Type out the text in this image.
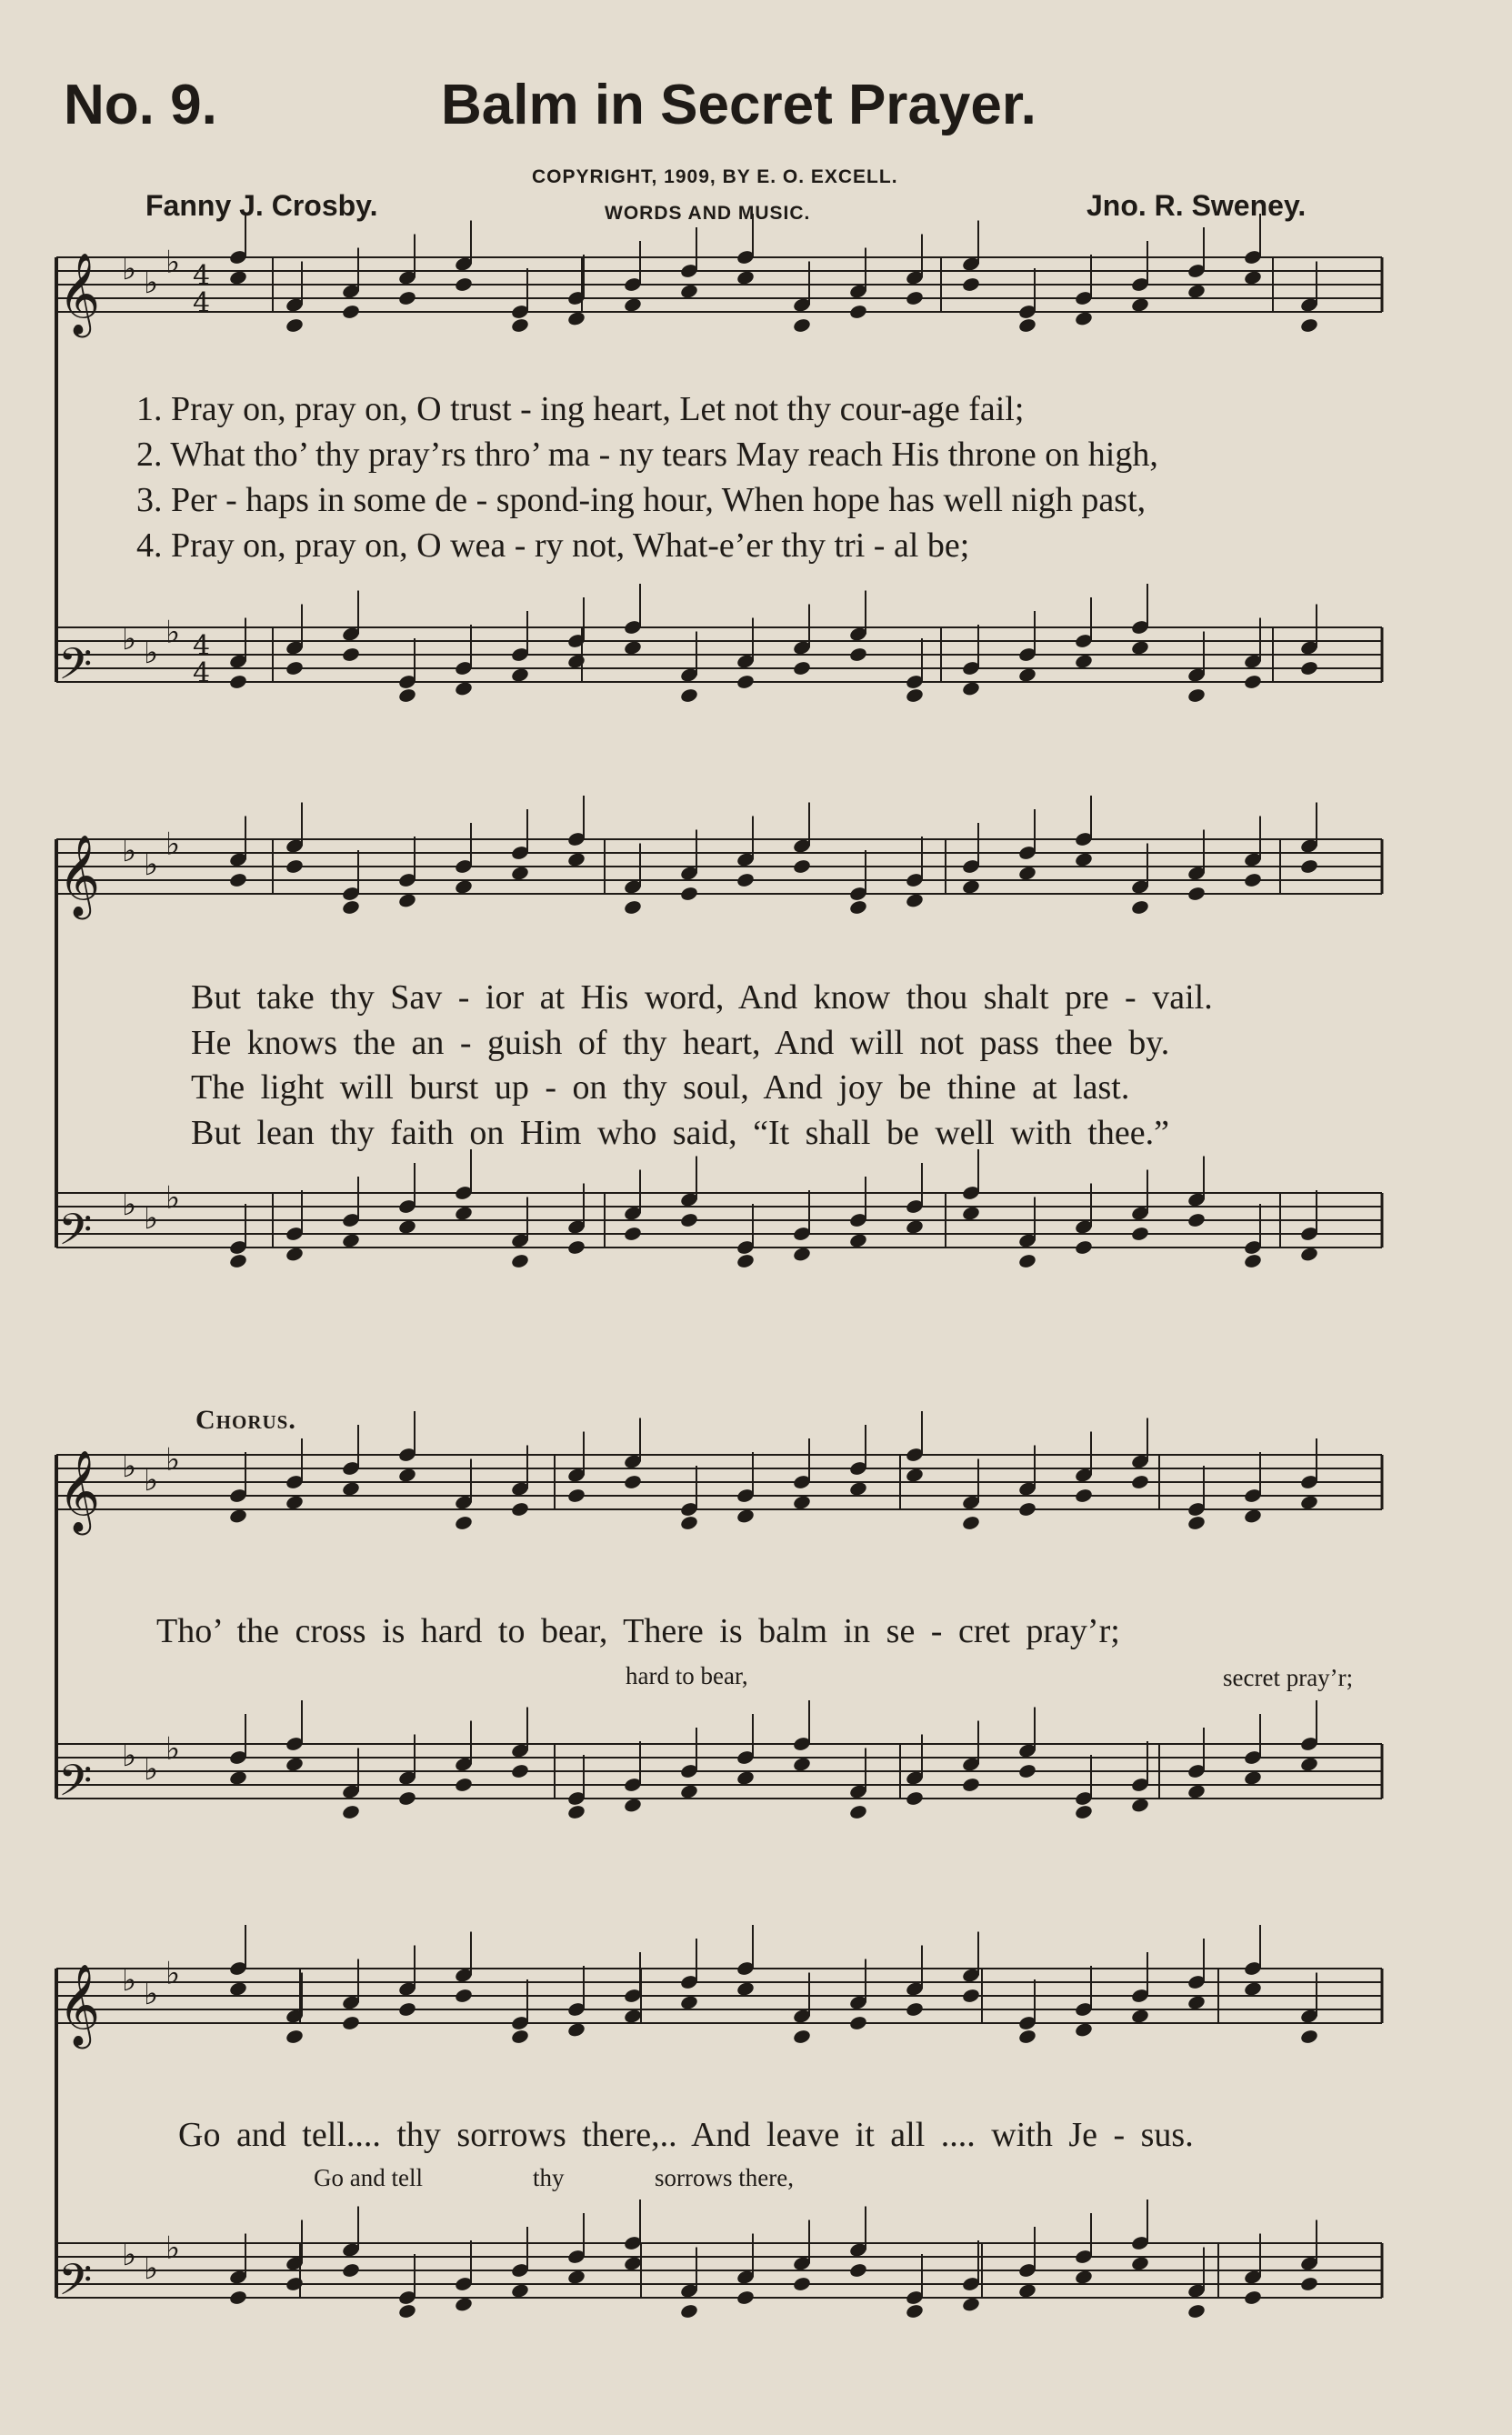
No. 9.	Balm in Secret Prayer.
COPYRIGHT, 1909, BY E. O. EXCELL.
WORDS AND MUSIC.
Fanny J. Crosby.	Jno. R. Sweney.
𝄞 ♭ ♭
♭ 4
4
𝄢 ♭ ♭
♭ 4
4
𝄞 ♭ ♭
♭
𝄢 ♭ ♭
♭
𝄞 ♭ ♭
♭
𝄢 ♭ ♭
♭
𝄞 ♭ ♭
♭
𝄢 ♭ ♭
♭
1. Pray on, pray on, O trust - ing heart, Let not thy cour-age fail;
2. What tho’ thy pray’rs thro’ ma - ny tears May reach His throne on high,
3. Per - haps in some de - spond-ing hour, When hope has well nigh past,
4. Pray on, pray on, O wea - ry not, What-e’er thy tri - al be;
But take thy Sav - ior at His word, And know thou shalt pre - vail.
He knows the an - guish of thy heart, And will not pass thee by.
The light will burst up - on thy soul, And joy be thine at last.
But lean thy faith on Him who said, “It shall be well with thee.”
Chorus.
Tho’ the cross is hard to bear, There is balm in se - cret pray’r;
hard to bear,	secret pray’r;
Go and tell.... thy sorrows there,.. And leave it all .... with Je - sus.
Go and tell	thy	sorrows there,
